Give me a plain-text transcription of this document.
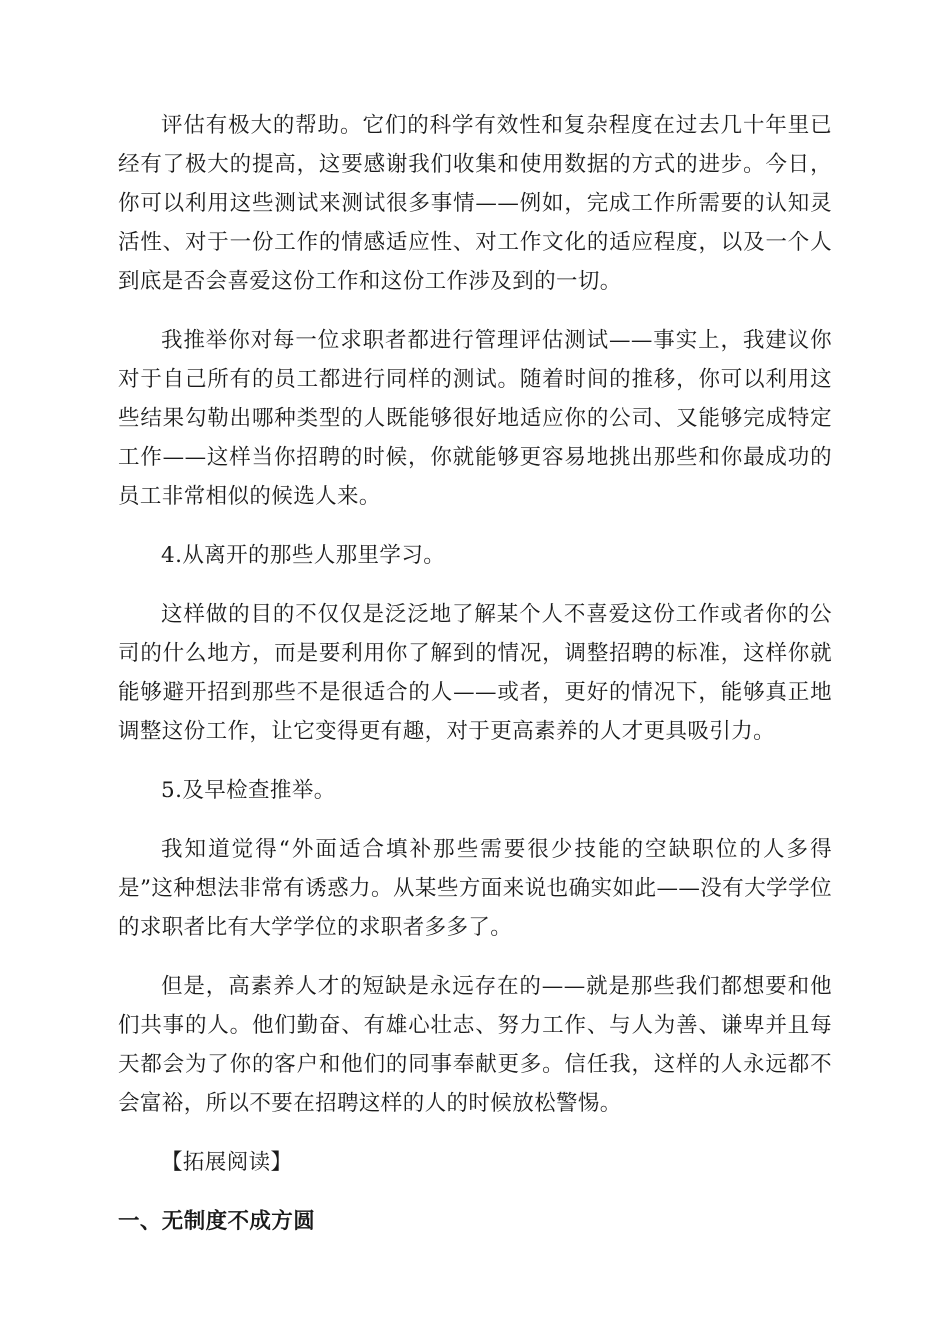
评估有极大的帮助。它们的科学有效性和复杂程度在过去几十年里已经有了极大的提高，这要感谢我们收集和使用数据的方式的进步。今日，你可以利用这些测试来测试很多事情——例如，完成工作所需要的认知灵活性、对于一份工作的情感适应性、对工作文化的适应程度，以及一个人到底是否会喜爱这份工作和这份工作涉及到的一切。

我推举你对每一位求职者都进行管理评估测试——事实上，我建议你对于自己所有的员工都进行同样的测试。随着时间的推移，你可以利用这些结果勾勒出哪种类型的人既能够很好地适应你的公司、又能够完成特定工作——这样当你招聘的时候，你就能够更容易地挑出那些和你最成功的员工非常相似的候选人来。

4.从离开的那些人那里学习。

这样做的目的不仅仅是泛泛地了解某个人不喜爱这份工作或者你的公司的什么地方，而是要利用你了解到的情况，调整招聘的标准，这样你就能够避开招到那些不是很适合的人——或者，更好的情况下，能够真正地调整这份工作，让它变得更有趣，对于更高素养的人才更具吸引力。

5.及早检查推举。

我知道觉得“外面适合填补那些需要很少技能的空缺职位的人多得是”这种想法非常有诱惑力。从某些方面来说也确实如此——没有大学学位的求职者比有大学学位的求职者多多了。

但是，高素养人才的短缺是永远存在的——就是那些我们都想要和他们共事的人。他们勤奋、有雄心壮志、努力工作、与人为善、谦卑并且每天都会为了你的客户和他们的同事奉献更多。信任我，这样的人永远都不会富裕，所以不要在招聘这样的人的时候放松警惕。

【拓展阅读】

一、无制度不成方圆
